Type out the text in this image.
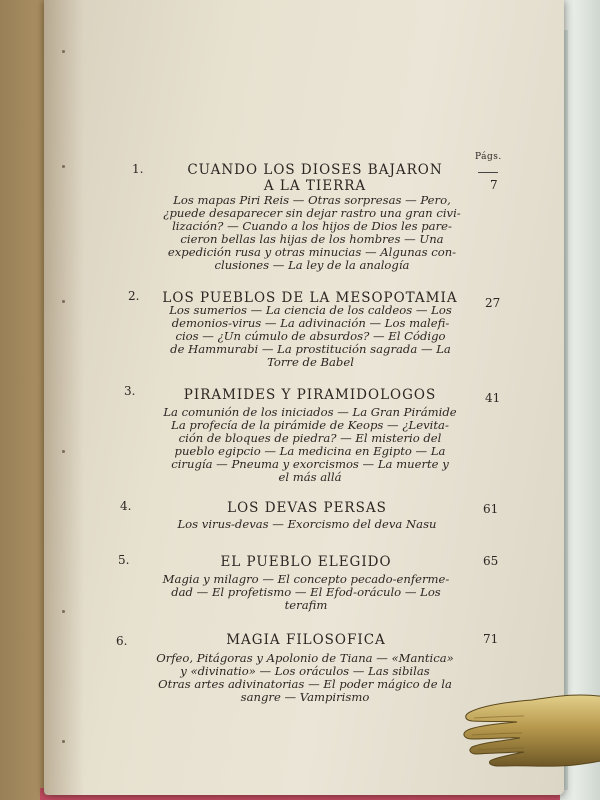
Págs.
1.	CUANDO LOS DIOSES BAJARON
A LA TIERRA	7
Los mapas Piri Reis — Otras sorpresas — Pero,
¿puede desaparecer sin dejar rastro una gran civi-
lización? — Cuando a los hijos de Dios les pare-
cieron bellas las hijas de los hombres — Una
expedición rusa y otras minucias — Algunas con-
clusiones — La ley de la analogía
2. LOS PUEBLOS DE LA MESOPOTAMIA 27
Los sumerios — La ciencia de los caldeos — Los
demonios-virus — La adivinación — Los malefi-
cios — ¿Un cúmulo de absurdos? — El Código
de Hammurabi — La prostitución sagrada — La
Torre de Babel
3.	PIRAMIDES Y PIRAMIDOLOGOS	41
La comunión de los iniciados — La Gran Pirámide
La profecía de la pirámide de Keops — ¿Levita-
ción de bloques de piedra? — El misterio del
pueblo egipcio — La medicina en Egipto — La
cirugía — Pneuma y exorcismos — La muerte y
el más allá
4.	LOS DEVAS PERSAS	61
Los virus-devas — Exorcismo del deva Nasu
5.	EL PUEBLO ELEGIDO	65
Magia y milagro — El concepto pecado-enfermе-
dad — El profetismo — El Efod-oráculo — Los
terafim
6.	MAGIA FILOSOFICA	71
Orfeo, Pitágoras y Apolonio de Tiana — «Mantica»
y «divinatio» — Los oráculos — Las sibilas
Otras artes adivinatorias — El poder mágico de la
sangre — Vampirismo
